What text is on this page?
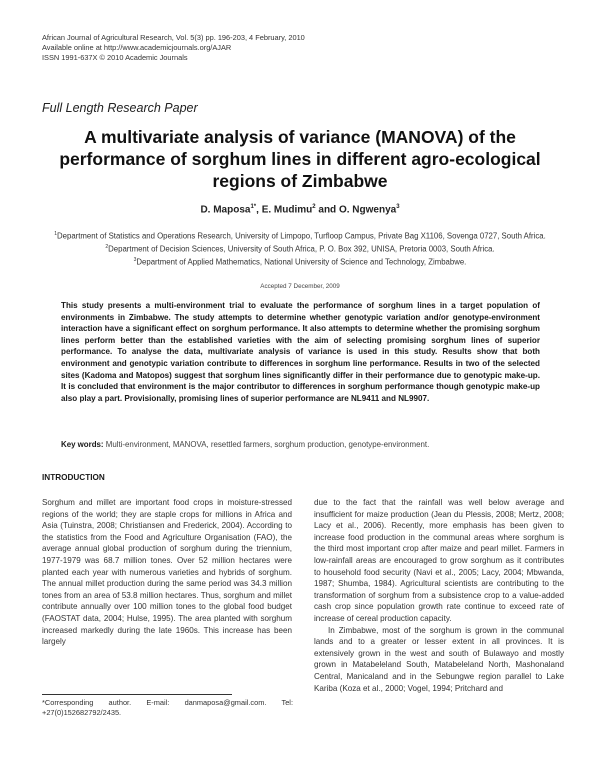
African Journal of Agricultural Research, Vol. 5(3) pp. 196-203, 4 February, 2010
Available online at http://www.academicjournals.org/AJAR
ISSN 1991-637X © 2010 Academic Journals
Full Length Research Paper
A multivariate analysis of variance (MANOVA) of the performance of sorghum lines in different agro-ecological regions of Zimbabwe
D. Maposa$^{1*}$, E. Mudimu$^2$ and O. Ngwenya$^3$
$^1$Department of Statistics and Operations Research, University of Limpopo, Turfloop Campus, Private Bag X1106, Sovenga 0727, South Africa.
$^2$Department of Decision Sciences, University of South Africa, P. O. Box 392, UNISA, Pretoria 0003, South Africa.
$^3$Department of Applied Mathematics, National University of Science and Technology, Zimbabwe.
Accepted 7 December, 2009
This study presents a multi-environment trial to evaluate the performance of sorghum lines in a target population of environments in Zimbabwe. The study attempts to determine whether genotypic variation and/or genotype-environment interaction have a significant effect on sorghum performance. It also attempts to determine whether the promising sorghum lines perform better than the established varieties with the aim of selecting promising sorghum lines of superior performance. To analyse the data, multivariate analysis of variance is used in this study. Results show that both environment and genotypic variation contribute to differences in sorghum line performance. Results in two of the selected sites (Kadoma and Matopos) suggest that sorghum lines significantly differ in their performance due to genotypic make-up. It is concluded that environment is the major contributor to differences in sorghum performance though genotypic make-up also play a part. Provisionally, promising lines of superior performance are NL9411 and NL9907.
Key words: Multi-environment, MANOVA, resettled farmers, sorghum production, genotype-environment.
INTRODUCTION

Sorghum and millet are important food crops in moisture-stressed regions of the world; they are staple crops for millions in Africa and Asia (Tuinstra, 2008; Christiansen and Frederick, 2004). According to the statistics from the Food and Agriculture Organisation (FAO), the average annual global production of sorghum during the triennium, 1977-1979 was 68.7 million tones. Over 52 million hectares were planted each year with numerous varieties and hybrids of sorghum. The annual millet production during the same period was 34.3 million tones from an area of 53.8 million hectares. Thus, sorghum and millet contribute annually over 100 million tones to the global food budget (FAOSTAT data, 2004; Hulse, 1995). The area planted with sorghum increased markedly during the late 1960s. This increase has been largely

due to the fact that the rainfall was well below average and insufficient for maize production (Jean du Plessis, 2008; Mertz, 2008; Lacy et al., 2006). Recently, more emphasis has been given to increase food production in the communal areas where sorghum is the third most important crop after maize and pearl millet. Farmers in low-rainfall areas are encouraged to grow sorghum as it contributes to household food security (Navi et al., 2005; Lacy, 2004; Mbwanda, 1987; Shumba, 1984). Agricultural scientists are contributing to the transformation of sorghum from a subsistence crop to a value-added cash crop since population growth rate continue to exceed rate of increase of cereal production capacity.

In Zimbabwe, most of the sorghum is grown in the communal lands and to a greater or lesser extent in all provinces. It is extensively grown in the west and south of Bulawayo and mostly grown in Matabeleland South, Matabeleland North, Mashonaland Central, Manicaland and in the Sebungwe region parallel to Lake Kariba (Koza et al., 2000; Vogel, 1994; Pritchard and

*Corresponding author. E-mail: danmaposa@gmail.com. Tel: +27(0)152682792/2435.
